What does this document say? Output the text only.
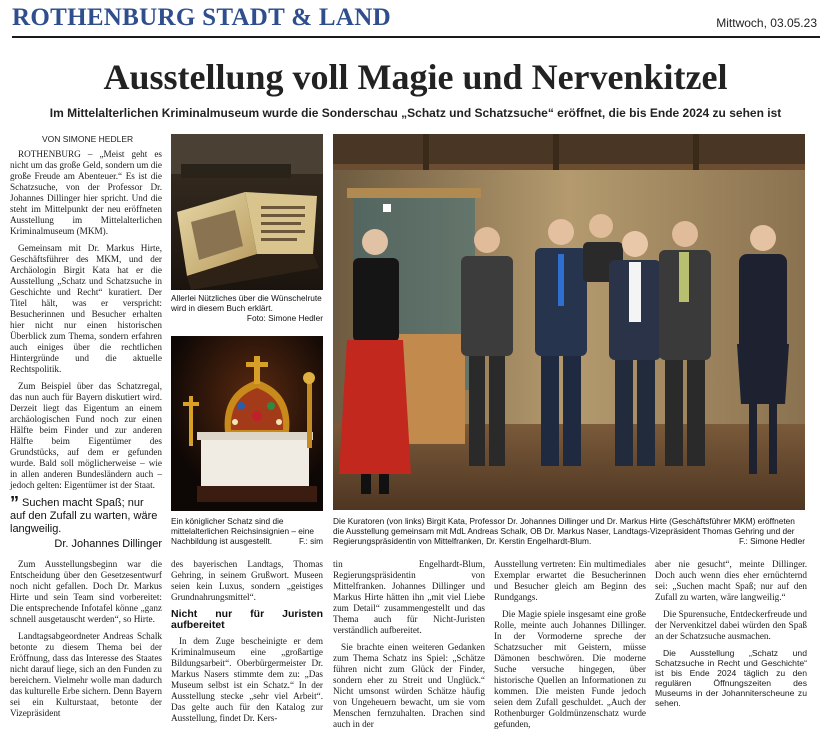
ROTHENBURG STADT & LAND	Mittwoch, 03.05.23
Ausstellung voll Magie und Nervenkitzel
Im Mittelalterlichen Kriminalmuseum wurde die Sonderschau „Schatz und Schatzsuche“ eröffnet, die bis Ende 2024 zu sehen ist
VON SIMONE HEDLER

ROTHENBURG – „Meist geht es nicht um das große Geld, sondern um die große Freude am Abenteuer.“ Es ist die Schatzsuche, von der Professor Dr. Johannes Dillinger hier spricht. Und die steht im Mittelpunkt der neu eröffneten Ausstellung im Mittelalterlichen Kriminalmuseum (MKM).

Gemeinsam mit Dr. Markus Hirte, Geschäftsführer des MKM, und der Archäologin Birgit Kata hat er die Ausstellung „Schatz und Schatzsuche in Geschichte und Recht“ kuratiert. Der Titel hält, was er verspricht: Besucherinnen und Besucher erhalten hier nicht nur einen historischen Überblick zum Thema, sondern erfahren auch einiges über die rechtlichen Hintergründe und die aktuelle Rechtspolitik.

Zum Beispiel über das Schatzregal, das nun auch für Bayern diskutiert wird. Derzeit liegt das Eigentum an einem archäologischen Fund noch zur einen Hälfte beim Finder und zur anderen Hälfte beim Eigentümer des Grundstücks, auf dem er gefunden wurde. Bald soll möglicherweise – wie in allen anderen Bundesländern auch – jedoch gelten: Eigentümer ist der Staat.

” Suchen macht Spaß; nur auf den Zufall zu warten, wäre langweilig.
Dr. Johannes Dillinger
Allerlei Nützliches über die Wünschelrute wird in diesem Buch erklärt.
Foto: Simone Hedler
Ein königlicher Schatz sind die mittelalterlichen Reichsinsignien – eine Nachbildung ist ausgestellt.	F.: sim
Die Kuratoren (von links) Birgit Kata, Professor Dr. Johannes Dillinger und Dr. Markus Hirte (Geschäftsführer MKM) eröffneten die Ausstellung gemeinsam mit MdL Andreas Schalk, OB Dr. Markus Naser, Landtags-Vizepräsident Thomas Gehring und der Regierungspräsidentin von Mittelfranken, Dr. Kerstin Engelhardt-Blum.	F.: Simone Hedler

Zum Ausstellungsbeginn war die Entscheidung über den Gesetzesentwurf noch nicht gefallen. Doch Dr. Markus Hirte und sein Team sind vorbereitet: Die entsprechende Infotafel könne „ganz schnell ausgetauscht werden“, so Hirte.

Landtagsabgeordneter Andreas Schalk betonte zu diesem Thema bei der Eröffnung, dass das Interesse des Staates nicht darauf liege, sich an den Funden zu bereichern. Vielmehr wolle man dadurch das kulturelle Erbe sichern. Denn Bayern sei ein Kulturstaat, betonte der Vizepräsident

des bayerischen Landtags, Thomas Gehring, in seinem Grußwort. Museen seien kein Luxus, sondern „geistiges Grundnahrungsmittel“.

Nicht nur für Juristen aufbereitet

In dem Zuge bescheinigte er dem Kriminalmuseum eine „großartige Bildungsarbeit“. Oberbürgermeister Dr. Markus Nasers stimmte dem zu: „Das Museum selbst ist ein Schatz.“ In der Ausstellung stecke „sehr viel Arbeit“. Das gelte auch für den Katalog zur Ausstellung, findet Dr. Kers-

tin Engelhardt-Blum, Regierungspräsidentin von Mittelfranken. Johannes Dillinger und Markus Hirte hätten ihn „mit viel Liebe zum Detail“ zusammengestellt und das Thema auch für Nicht-Juristen verständlich aufbereitet.

Sie brachte einen weiteren Gedanken zum Thema Schatz ins Spiel: „Schätze führen nicht zum Glück der Finder, sondern eher zu Streit und Unglück.“ Nicht umsonst würden Schätze häufig von Ungeheuern bewacht, um sie vom Menschen fernzuhalten. Drachen sind auch in der

Ausstellung vertreten: Ein multimediales Exemplar erwartet die Besucherinnen und Besucher gleich am Beginn des Rundgangs.

Die Magie spiele insgesamt eine große Rolle, meinte auch Johannes Dillinger. In der Vormoderne spreche der Schatzsucher mit Geistern, müsse Dämonen beschwören. Die moderne Suche versuche hingegen, über historische Quellen an Informationen zu kommen. Die meisten Funde jedoch seien dem Zufall geschuldet. „Auch der Rothenburger Goldmünzenschatz wurde gefunden,

aber nie gesucht“, meinte Dillinger. Doch auch wenn dies eher ernüchternd sei: „Suchen macht Spaß; nur auf den Zufall zu warten, wäre langweilig.“

Die Spurensuche, Entdeckerfreude und der Nervenkitzel dabei würden den Spaß an der Schatzsuche ausmachen.

Die Ausstellung „Schatz und Schatzsuche in Recht und Geschichte“ ist bis Ende 2024 täglich zu den regulären Öffnungszeiten des Museums in der Johanniterscheune zu sehen.
